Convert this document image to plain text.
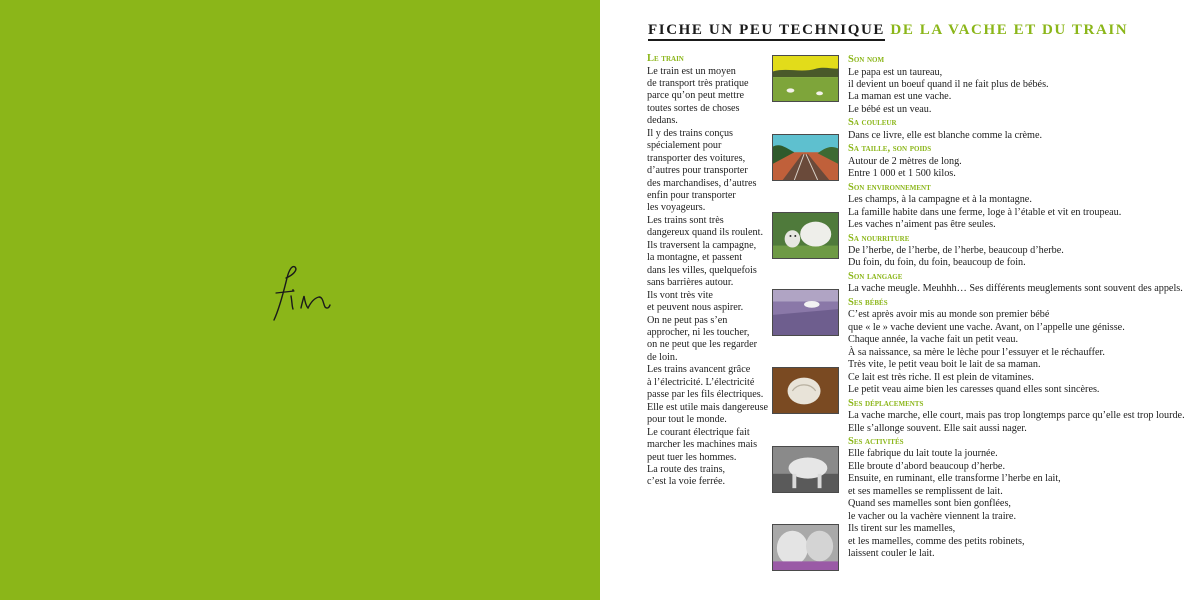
FICHE UN PEU TECHNIQUE DE LA VACHE ET DU TRAIN
Le train

Le train est un moyen
de transport très pratique
parce qu’on peut mettre
toutes sortes de choses
dedans.
Il y des trains conçus
spécialement pour
transporter des voitures,
d’autres pour transporter
des marchandises, d’autres
enfin pour transporter
les voyageurs.
Les trains sont très
dangereux quand ils roulent.
Ils traversent la campagne,
la montagne, et passent
dans les villes, quelquefois
sans barrières autour.
Ils vont très vite
et peuvent nous aspirer.
On ne peut pas s’en
approcher, ni les toucher,
on ne peut que les regarder
de loin.
Les trains avancent grâce
à l’électricité. L’électricité
passe par les fils électriques.
Elle est utile mais dangereuse
pour tout le monde.
Le courant électrique fait
marcher les machines mais
peut tuer les hommes.
La route des trains,
c’est la voie ferrée.

Son nom

Le papa est un taureau,
il devient un boeuf quand il ne fait plus de bébés.
La maman est une vache.
Le bébé est un veau.

Sa couleur

Dans ce livre, elle est blanche comme la crème.

Sa taille, son poids

Autour de 2 mètres de long.
Entre 1 000 et 1 500 kilos.

Son environnement

Les champs, à la campagne et à la montagne.
La famille habite dans une ferme, loge à l’étable et vit en troupeau.
Les vaches n’aiment pas être seules.

Sa nourriture

De l’herbe, de l’herbe, de l’herbe, beaucoup d’herbe.
Du foin, du foin, du foin, beaucoup de foin.

Son langage

La vache meugle. Meuhhh… Ses différents meuglements sont souvent des appels.

Ses bébés

C’est après avoir mis au monde son premier bébé
que « le » vache devient une vache. Avant, on l’appelle une génisse.
Chaque année, la vache fait un petit veau.
À sa naissance, sa mère le lèche pour l’essuyer et le réchauffer.
Très vite, le petit veau boit le lait de sa maman.
Ce lait est très riche. Il est plein de vitamines.
Le petit veau aime bien les caresses quand elles sont sincères.

Ses déplacements

La vache marche, elle court, mais pas trop longtemps parce qu’elle est trop lourde.
Elle s’allonge souvent. Elle sait aussi nager.

Ses activités

Elle fabrique du lait toute la journée.
Elle broute d’abord beaucoup d’herbe.
Ensuite, en ruminant, elle transforme l’herbe en lait,
et ses mamelles se remplissent de lait.
Quand ses mamelles sont bien gonflées,
le vacher ou la vachère viennent la traire.
Ils tirent sur les mamelles,
et les mamelles, comme des petits robinets,
laissent couler le lait.
